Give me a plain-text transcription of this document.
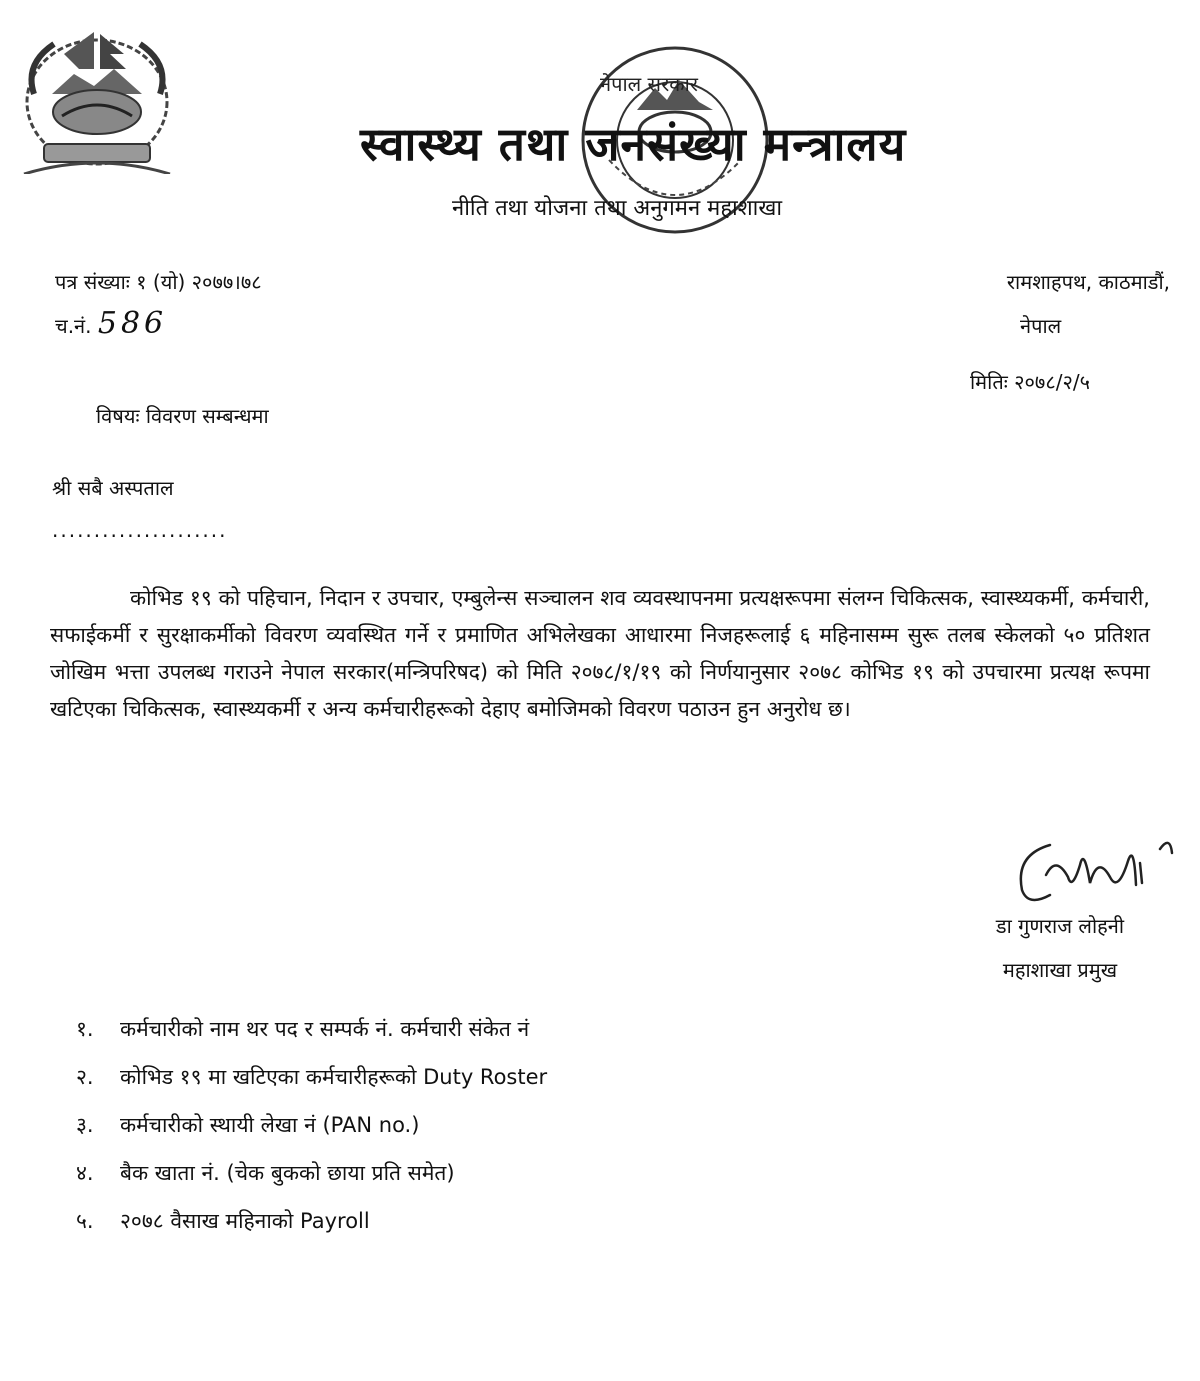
नेपाल सरकार
स्वास्थ्य तथा जनसंख्या मन्त्रालय
नीति तथा योजना तथा अनुगमन महाशाखा
पत्र संख्याः १ (यो) २०७७।७८
च.नं. 586
रामशाहपथ, काठमाडौं,
नेपाल
मितिः २०७८/२/५
विषयः विवरण सम्बन्धमा
श्री सबै अस्पताल
.....................
कोभिड १९ को पहिचान, निदान र उपचार, एम्बुलेन्स सञ्चालन शव व्यवस्थापनमा प्रत्यक्षरूपमा संलग्न चिकित्सक, स्वास्थ्यकर्मी, कर्मचारी, सफाईकर्मी र सुरक्षाकर्मीको विवरण व्यवस्थित गर्ने र प्रमाणित अभिलेखका आधारमा निजहरूलाई ६ महिनासम्म सुरू तलब स्केलको ५० प्रतिशत जोखिम भत्ता उपलब्ध गराउने नेपाल सरकार(मन्त्रिपरिषद) को मिति २०७८/१/१९ को निर्णयानुसार २०७८ कोभिड १९ को उपचारमा प्रत्यक्ष रूपमा खटिएका चिकित्सक, स्वास्थ्यकर्मी र अन्य कर्मचारीहरूको देहाए बमोजिमको विवरण पठाउन हुन अनुरोध छ।
डा गुणराज लोहनी
महाशाखा प्रमुख
१. कर्मचारीको नाम थर पद र सम्पर्क नं. कर्मचारी संकेत नं
२. कोभिड १९ मा खटिएका कर्मचारीहरूको Duty Roster
३. कर्मचारीको स्थायी लेखा नं (PAN no.)
४. बैक खाता नं. (चेक बुकको छाया प्रति समेत)
५. २०७८ वैसाख महिनाको Payroll
